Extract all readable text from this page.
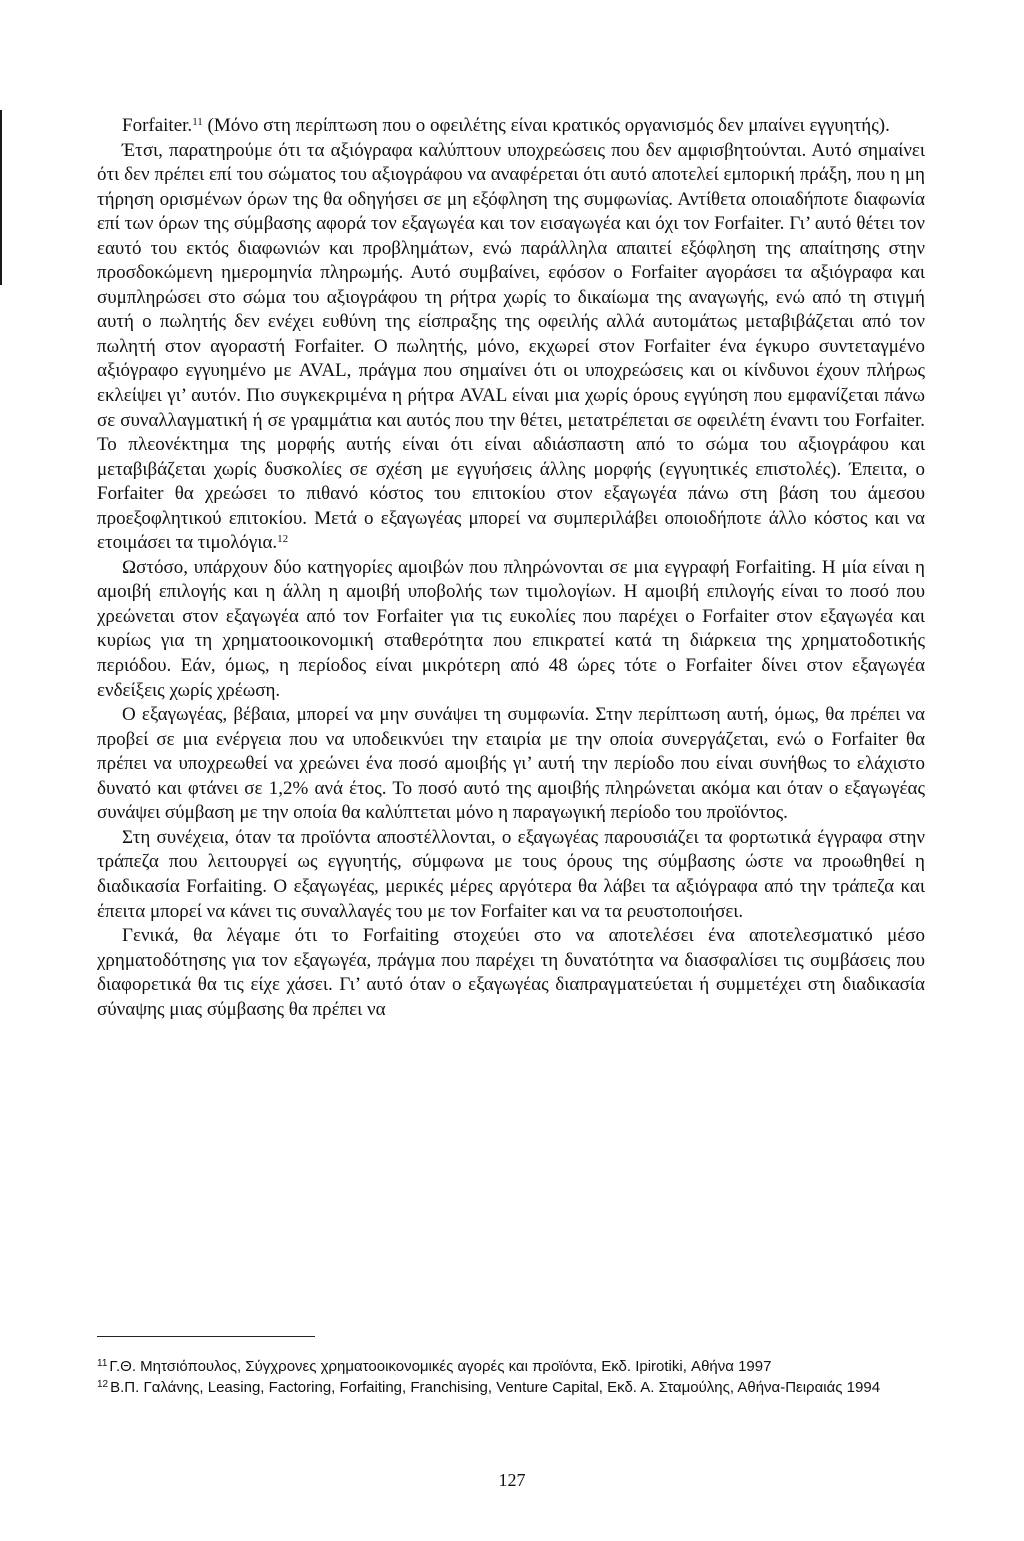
Forfaiter.$^{11}$ (Μόνο στη περίπτωση που ο οφειλέτης είναι κρατικός οργανισμός δεν μπαίνει εγγυητής).

Έτσι, παρατηρούμε ότι τα αξιόγραφα καλύπτουν υποχρεώσεις που δεν αμφισβητούνται. Αυτό σημαίνει ότι δεν πρέπει επί του σώματος του αξιογράφου να αναφέρεται ότι αυτό αποτελεί εμπορική πράξη, που η μη τήρηση ορισμένων όρων της θα οδηγήσει σε μη εξόφληση της συμφωνίας. Αντίθετα οποιαδήποτε διαφωνία επί των όρων της σύμβασης αφορά τον εξαγωγέα και τον εισαγωγέα και όχι τον Forfaiter. Γι’ αυτό θέτει τον εαυτό του εκτός διαφωνιών και προβλημάτων, ενώ παράλληλα απαιτεί εξόφληση της απαίτησης στην προσδοκώμενη ημερομηνία πληρωμής. Αυτό συμβαίνει, εφόσον ο Forfaiter αγοράσει τα αξιόγραφα και συμπληρώσει στο σώμα του αξιογράφου τη ρήτρα χωρίς το δικαίωμα της αναγωγής, ενώ από τη στιγμή αυτή ο πωλητής δεν ενέχει ευθύνη της είσπραξης της οφειλής αλλά αυτομάτως μεταβιβάζεται από τον πωλητή στον αγοραστή Forfaiter. Ο πωλητής, μόνο, εκχωρεί στον Forfaiter ένα έγκυρο συντεταγμένο αξιόγραφο εγγυημένο με AVAL, πράγμα που σημαίνει ότι οι υποχρεώσεις και οι κίνδυνοι έχουν πλήρως εκλείψει γι’ αυτόν. Πιο συγκεκριμένα η ρήτρα AVAL είναι μια χωρίς όρους εγγύηση που εμφανίζεται πάνω σε συναλλαγματική ή σε γραμμάτια και αυτός που την θέτει, μετατρέπεται σε οφειλέτη έναντι του Forfaiter. Το πλεονέκτημα της μορφής αυτής είναι ότι είναι αδιάσπαστη από το σώμα του αξιογράφου και μεταβιβάζεται χωρίς δυσκολίες σε σχέση με εγγυήσεις άλλης μορφής (εγγυητικές επιστολές). Έπειτα, ο Forfaiter θα χρεώσει το πιθανό κόστος του επιτοκίου στον εξαγωγέα πάνω στη βάση του άμεσου προεξοφλητικού επιτοκίου. Μετά ο εξαγωγέας μπορεί να συμπεριλάβει οποιοδήποτε άλλο κόστος και να ετοιμάσει τα τιμολόγια.$^{12}$

Ωστόσο, υπάρχουν δύο κατηγορίες αμοιβών που πληρώνονται σε μια εγγραφή Forfaiting. Η μία είναι η αμοιβή επιλογής και η άλλη η αμοιβή υποβολής των τιμολογίων. Η αμοιβή επιλογής είναι το ποσό που χρεώνεται στον εξαγωγέα από τον Forfaiter για τις ευκολίες που παρέχει ο Forfaiter στον εξαγωγέα και κυρίως για τη χρηματοοικονομική σταθερότητα που επικρατεί κατά τη διάρκεια της χρηματοδοτικής περιόδου. Εάν, όμως, η περίοδος είναι μικρότερη από 48 ώρες τότε ο Forfaiter δίνει στον εξαγωγέα ενδείξεις χωρίς χρέωση.

Ο εξαγωγέας, βέβαια, μπορεί να μην συνάψει τη συμφωνία. Στην περίπτωση αυτή, όμως, θα πρέπει να προβεί σε μια ενέργεια που να υποδεικνύει την εταιρία με την οποία συνεργάζεται, ενώ ο Forfaiter θα πρέπει να υποχρεωθεί να χρεώνει ένα ποσό αμοιβής γι’ αυτή την περίοδο που είναι συνήθως το ελάχιστο δυνατό και φτάνει σε 1,2% ανά έτος. Το ποσό αυτό της αμοιβής πληρώνεται ακόμα και όταν ο εξαγωγέας συνάψει σύμβαση με την οποία θα καλύπτεται μόνο η παραγωγική περίοδο του προϊόντος.

Στη συνέχεια, όταν τα προϊόντα αποστέλλονται, ο εξαγωγέας παρουσιάζει τα φορτωτικά έγγραφα στην τράπεζα που λειτουργεί ως εγγυητής, σύμφωνα με τους όρους της σύμβασης ώστε να προωθηθεί η διαδικασία Forfaiting. Ο εξαγωγέας, μερικές μέρες αργότερα θα λάβει τα αξιόγραφα από την τράπεζα και έπειτα μπορεί να κάνει τις συναλλαγές του με τον Forfaiter και να τα ρευστοποιήσει.

Γενικά, θα λέγαμε ότι το Forfaiting στοχεύει στο να αποτελέσει ένα αποτελεσματικό μέσο χρηματοδότησης για τον εξαγωγέα, πράγμα που παρέχει τη δυνατότητα να διασφαλίσει τις συμβάσεις που διαφορετικά θα τις είχε χάσει. Γι’ αυτό όταν ο εξαγωγέας διαπραγματεύεται ή συμμετέχει στη διαδικασία σύναψης μιας σύμβασης θα πρέπει να

$^{11}$ Γ.Θ. Μητσιόπουλος, Σύγχρονες χρηματοοικονομικές αγορές και προϊόντα, Εκδ. Ipirotiki, Αθήνα 1997

$^{12}$ Β.Π. Γαλάνης, Leasing, Factoring, Forfaiting, Franchising, Venture Capital, Εκδ. Α. Σταμούλης, Αθήνα-Πειραιάς 1994

127
